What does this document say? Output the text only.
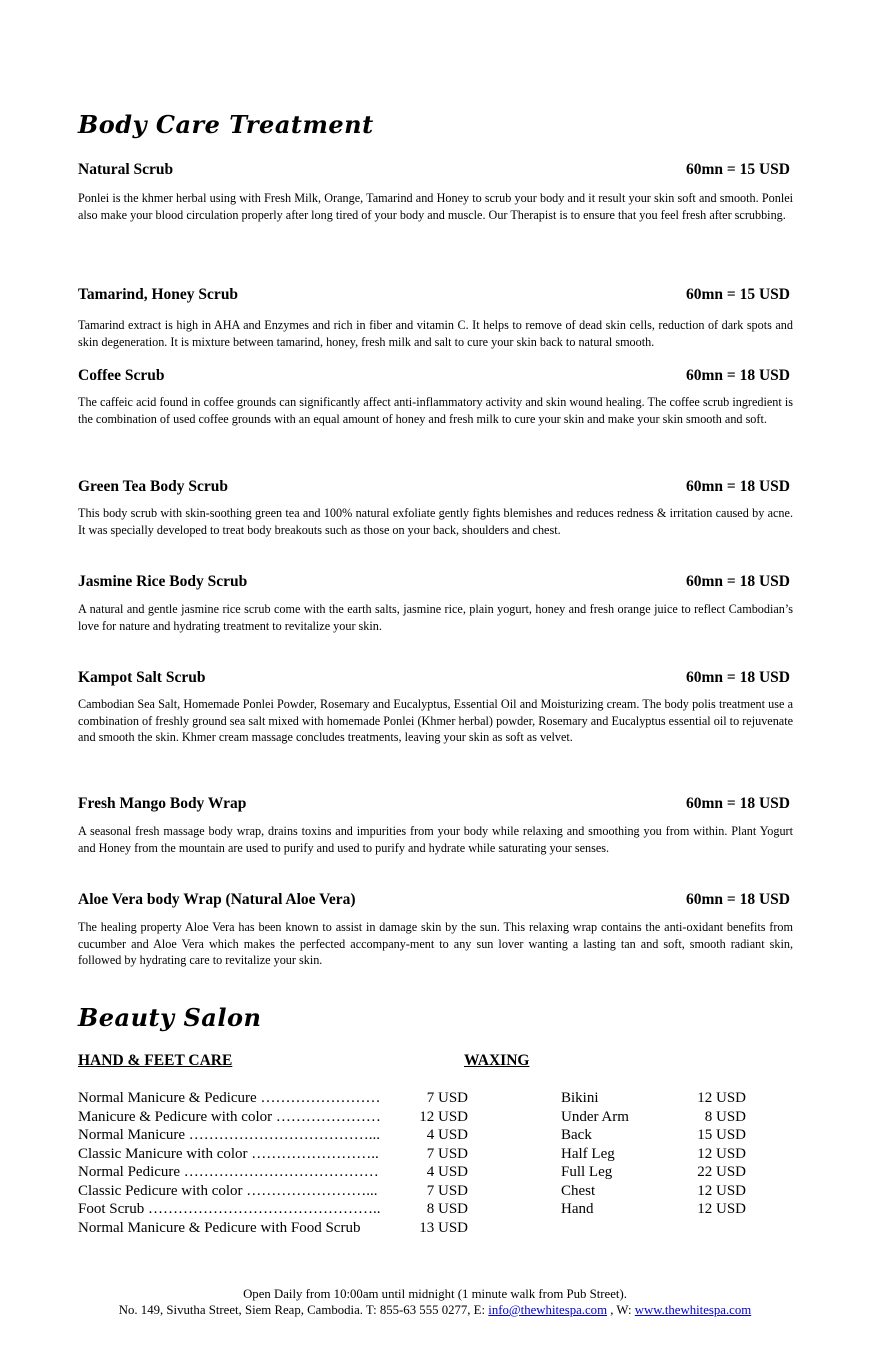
Body Care Treatment
Natural Scrub	60mn = 15 USD
Ponlei is the khmer herbal using with Fresh Milk, Orange, Tamarind and Honey to scrub your body and it result your skin soft and smooth. Ponlei also make your blood circulation properly after long tired of your body and muscle. Our Therapist is to ensure that you feel fresh after scrubbing.
Tamarind, Honey Scrub	60mn = 15 USD
Tamarind extract is high in AHA and Enzymes and rich in fiber and vitamin C. It helps to remove of dead skin cells, reduction of dark spots and skin degeneration. It is mixture between tamarind, honey, fresh milk and salt to cure your skin back to natural smooth.
Coffee Scrub	60mn = 18 USD
The caffeic acid found in coffee grounds can significantly affect anti-inflammatory activity and skin wound healing. The coffee scrub ingredient is the combination of used coffee grounds with an equal amount of honey and fresh milk to cure your skin and make your skin smooth and soft.
Green Tea Body Scrub	60mn = 18 USD
This body scrub with skin-soothing green tea and 100% natural exfoliate gently fights blemishes and reduces redness & irritation caused by acne. It was specially developed to treat body breakouts such as those on your back, shoulders and chest.
Jasmine Rice Body Scrub	60mn = 18 USD
A natural and gentle jasmine rice scrub come with the earth salts, jasmine rice, plain yogurt, honey and fresh orange juice to reflect Cambodian’s love for nature and hydrating treatment to revitalize your skin.
Kampot Salt Scrub	60mn = 18 USD
Cambodian Sea Salt, Homemade Ponlei Powder, Rosemary and Eucalyptus, Essential Oil and Moisturizing cream. The body polis treatment use a combination of freshly ground sea salt mixed with homemade Ponlei (Khmer herbal) powder, Rosemary and Eucalyptus essential oil to rejuvenate and smooth the skin. Khmer cream massage concludes treatments, leaving your skin as soft as velvet.
Fresh Mango Body Wrap	60mn = 18 USD
A seasonal fresh massage body wrap, drains toxins and impurities from your body while relaxing and smoothing you from within. Plant Yogurt and Honey from the mountain are used to purify and used to purify and hydrate while saturating your senses.
Aloe Vera body Wrap (Natural Aloe Vera)	60mn = 18 USD
The healing property Aloe Vera has been known to assist in damage skin by the sun. This relaxing wrap contains the anti-oxidant benefits from cucumber and Aloe Vera which makes the perfected accompany-ment to any sun lover wanting a lasting tan and soft, smooth radiant skin, followed by hydrating care to revitalize your skin.
Beauty Salon
HAND & FEET CARE	WAXING
Normal Manicure & Pedicure ……………………	7 USD
Manicure & Pedicure with color …………………	12 USD
Normal Manicure ………………………………...	4 USD
Classic Manicure with color ……………………..	7 USD
Normal Pedicure …………………………………	4 USD
Classic Pedicure with color ……………………...	7 USD
Foot Scrub ………………………………………..	8 USD
Normal Manicure & Pedicure with Food Scrub	13 USD
Bikini	12 USD
Under Arm	8 USD
Back	15 USD
Half Leg	12 USD
Full Leg	22 USD
Chest	12 USD
Hand	12 USD
Open Daily from 10:00am until midnight (1 minute walk from Pub Street).
No. 149, Sivutha Street, Siem Reap, Cambodia. T: 855-63 555 0277, E: info@thewhitespa.com , W: www.thewhitespa.com
